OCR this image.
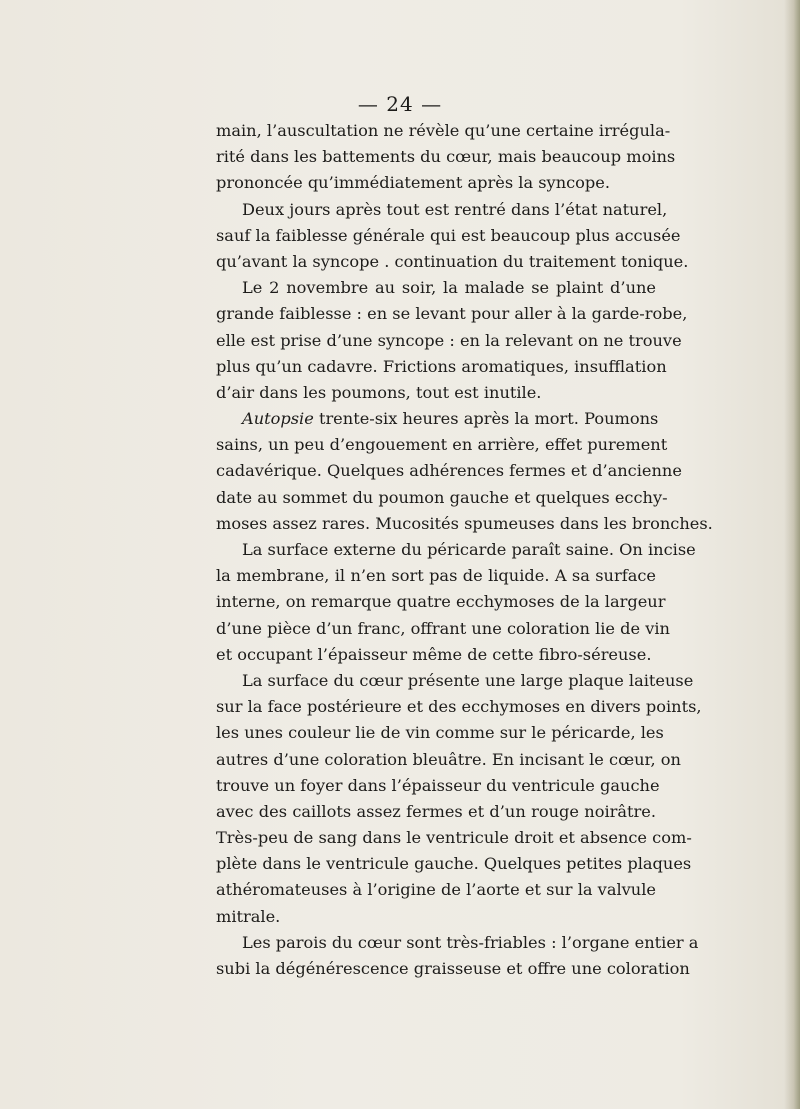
— 24 —
main, l’auscultation ne révèle qu’une certaine irrégula-
rité dans les battements du cœur, mais beaucoup moins
prononcée qu’immédiatement après la syncope.
Deux jours après tout est rentré dans l’état naturel,
sauf la faiblesse générale qui est beaucoup plus accusée
qu’avant la syncope . continuation du traitement tonique.
Le 2 novembre au soir, la malade se plaint d’une
grande faiblesse : en se levant pour aller à la garde-robe,
elle est prise d’une syncope : en la relevant on ne trouve
plus qu’un cadavre. Frictions aromatiques, insufflation
d’air dans les poumons, tout est inutile.
Autopsie trente-six heures après la mort. Poumons
sains, un peu d’engouement en arrière, effet purement
cadavérique. Quelques adhérences fermes et d’ancienne
date au sommet du poumon gauche et quelques ecchy-
moses assez rares. Mucosités spumeuses dans les bronches.
La surface externe du péricarde paraît saine. On incise
la membrane, il n’en sort pas de liquide. A sa surface
interne, on remarque quatre ecchymoses de la largeur
d’une pièce d’un franc, offrant une coloration lie de vin
et occupant l’épaisseur même de cette fibro-séreuse.
La surface du cœur présente une large plaque laiteuse
sur la face postérieure et des ecchymoses en divers points,
les unes couleur lie de vin comme sur le péricarde, les
autres d’une coloration bleuâtre. En incisant le cœur, on
trouve un foyer dans l’épaisseur du ventricule gauche
avec des caillots assez fermes et d’un rouge noirâtre.
Très-peu de sang dans le ventricule droit et absence com-
plète dans le ventricule gauche. Quelques petites plaques
athéromateuses à l’origine de l’aorte et sur la valvule
mitrale.
Les parois du cœur sont très-friables : l’organe entier a
subi la dégénérescence graisseuse et offre une coloration
